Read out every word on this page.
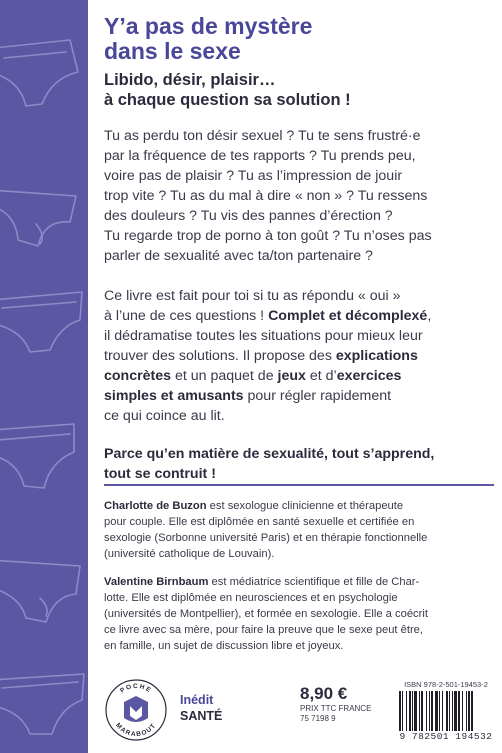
Y’a pas de mystère
dans le sexe
Libido, désir, plaisir…
à chaque question sa solution !
Tu as perdu ton désir sexuel ? Tu te sens frustré·e
par la fréquence de tes rapports ? Tu prends peu,
voire pas de plaisir ? Tu as l’impression de jouir
trop vite ? Tu as du mal à dire « non » ? Tu ressens
des douleurs ? Tu vis des pannes d’érection ?
Tu regarde trop de porno à ton goût ? Tu n’oses pas
parler de sexualité avec ta/ton partenaire ?
Ce livre est fait pour toi si tu as répondu « oui »
à l’une de ces questions ! Complet et décomplexé,
il dédramatise toutes les situations pour mieux leur
trouver des solutions. Il propose des explications
concrètes et un paquet de jeux et d’exercices
simples et amusants pour régler rapidement
ce qui coince au lit.
Parce qu’en matière de sexualité, tout s’apprend,
tout se contruit !
Charlotte de Buzon est sexologue clinicienne et thérapeute
pour couple. Elle est diplômée en santé sexuelle et certifiée en
sexologie (Sorbonne université Paris) et en thérapie fonctionnelle
(université catholique de Louvain).
Valentine Birnbaum est médiatrice scientifique et fille de Char-
lotte. Elle est diplômée en neurosciences et en psychologie
(universités de Montpellier), et formée en sexologie. Elle a coécrit
ce livre avec sa mère, pour faire la preuve que le sexe peut être,
en famille, un sujet de discussion libre et joyeux.
POCHE
MARABOUT
Inédit
SANTÉ
8,90 €
PRIX TTC FRANCE
75 7198 9
ISBN 978-2-501-19453-2
9 782501 194532
